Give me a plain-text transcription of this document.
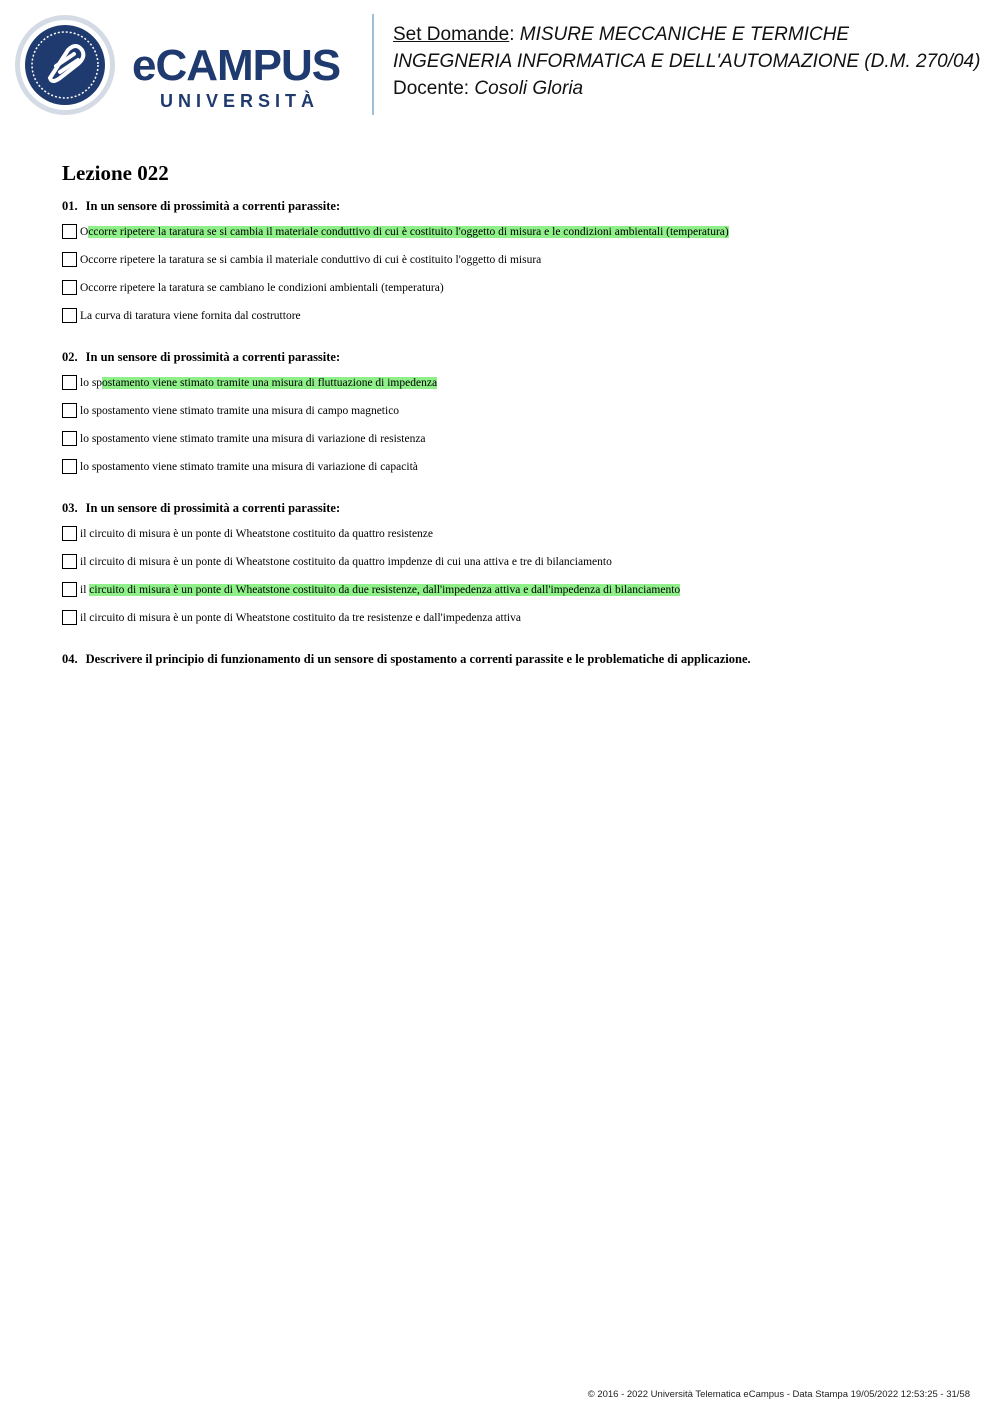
eCAMPUS
UNIVERSITÀ
Set Domande: MISURE MECCANICHE E TERMICHE
INGEGNERIA INFORMATICA E DELL'AUTOMAZIONE (D.M. 270/04)
Docente: Cosoli Gloria
Lezione 022
01. In un sensore di prossimità a correnti parassite:
Occorre ripetere la taratura se si cambia il materiale conduttivo di cui è costituito l'oggetto di misura e le condizioni ambientali (temperatura)
Occorre ripetere la taratura se si cambia il materiale conduttivo di cui è costituito l'oggetto di misura
Occorre ripetere la taratura se cambiano le condizioni ambientali (temperatura)
La curva di taratura viene fornita dal costruttore
02. In un sensore di prossimità a correnti parassite:
lo spostamento viene stimato tramite una misura di fluttuazione di impedenza
lo spostamento viene stimato tramite una misura di campo magnetico
lo spostamento viene stimato tramite una misura di variazione di resistenza
lo spostamento viene stimato tramite una misura di variazione di capacità
03. In un sensore di prossimità a correnti parassite:
il circuito di misura è un ponte di Wheatstone costituito da quattro resistenze
il circuito di misura è un ponte di Wheatstone costituito da quattro impdenze di cui una attiva e tre di bilanciamento
il circuito di misura è un ponte di Wheatstone costituito da due resistenze, dall'impedenza attiva e dall'impedenza di bilanciamento
il circuito di misura è un ponte di Wheatstone costituito da tre resistenze e dall'impedenza attiva
04. Descrivere il principio di funzionamento di un sensore di spostamento a correnti parassite e le problematiche di applicazione.
© 2016 - 2022 Università Telematica eCampus - Data Stampa 19/05/2022 12:53:25 - 31/58
